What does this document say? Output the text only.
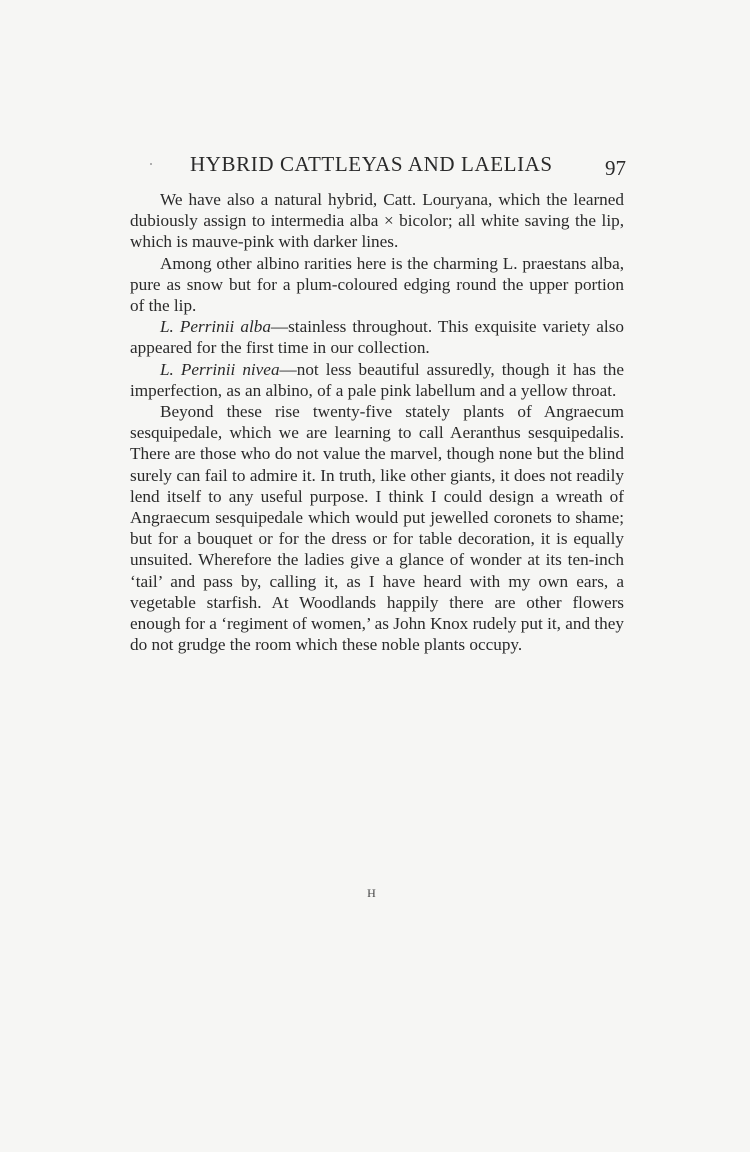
HYBRID CATTLEYAS AND LAELIAS 97

We have also a natural hybrid, Catt. Louryana, which the learned dubiously assign to intermedia alba × bicolor; all white saving the lip, which is mauve-pink with darker lines.

Among other albino rarities here is the charming L. praestans alba, pure as snow but for a plum-coloured edging round the upper portion of the lip.

L. Perrinii alba—stainless throughout. This exquisite variety also appeared for the first time in our collection.

L. Perrinii nivea—not less beautiful assuredly, though it has the imperfection, as an albino, of a pale pink labellum and a yellow throat.

Beyond these rise twenty-five stately plants of Angraecum sesquipedale, which we are learning to call Aeranthus sesquipedalis. There are those who do not value the marvel, though none but the blind surely can fail to admire it. In truth, like other giants, it does not readily lend itself to any useful purpose. I think I could design a wreath of Angraecum sesquipedale which would put jewelled coronets to shame; but for a bouquet or for the dress or for table decoration, it is equally unsuited. Wherefore the ladies give a glance of wonder at its ten-inch ‘tail’ and pass by, calling it, as I have heard with my own ears, a vegetable starfish. At Woodlands happily there are other flowers enough for a ‘regiment of women,’ as John Knox rudely put it, and they do not grudge the room which these noble plants occupy.

H
